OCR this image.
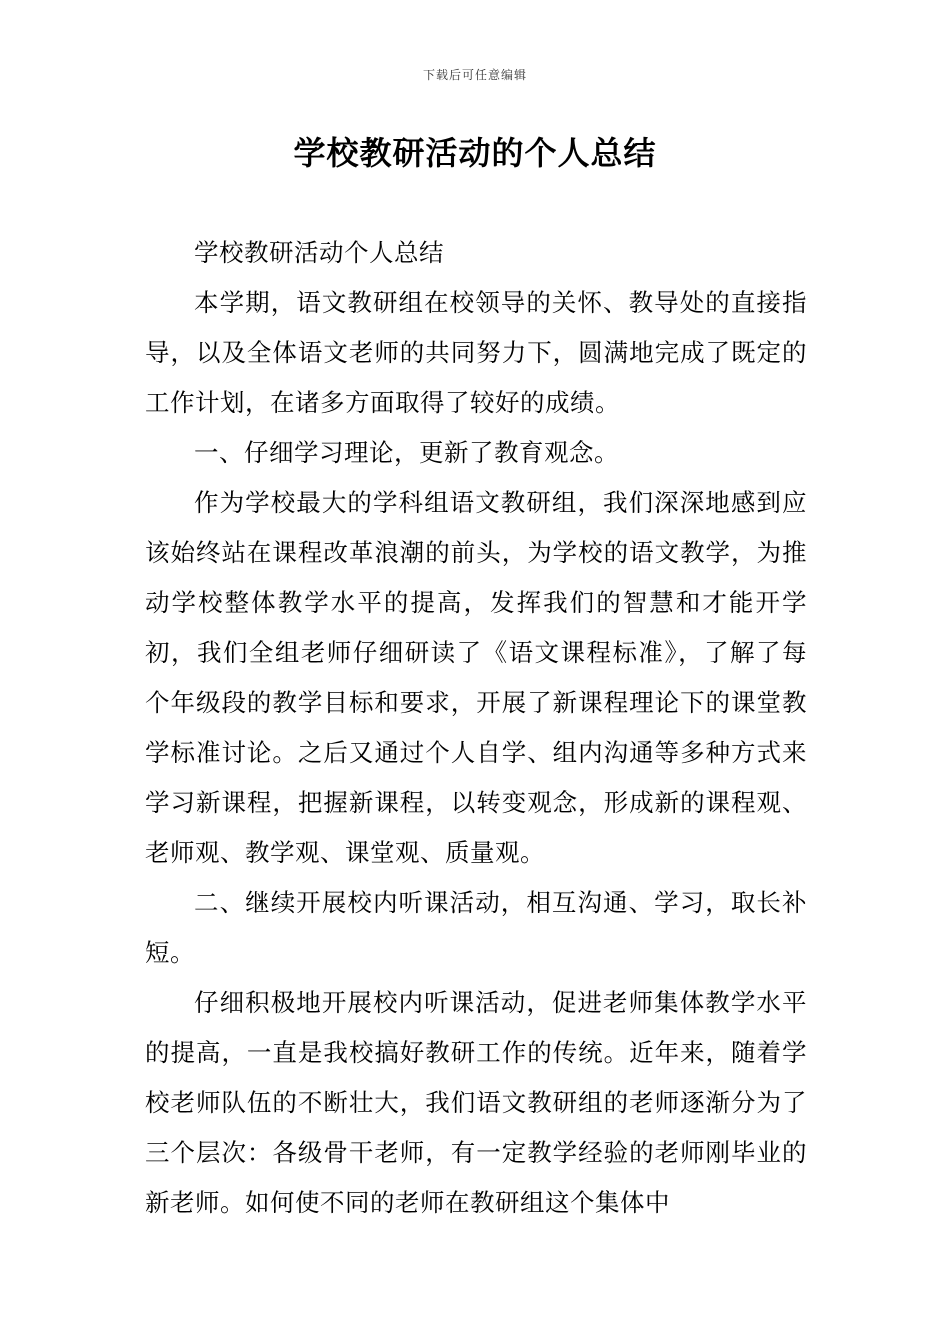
下载后可任意编辑
学校教研活动的个人总结

学校教研活动个人总结

本学期，语文教研组在校领导的关怀、教导处的直接指导，以及全体语文老师的共同努力下，圆满地完成了既定的工作计划，在诸多方面取得了较好的成绩。

一、仔细学习理论，更新了教育观念。

作为学校最大的学科组语文教研组，我们深深地感到应该始终站在课程改革浪潮的前头，为学校的语文教学，为推动学校整体教学水平的提高，发挥我们的智慧和才能开学初，我们全组老师仔细研读了《语文课程标准》，了解了每个年级段的教学目标和要求，开展了新课程理论下的课堂教学标准讨论。之后又通过个人自学、组内沟通等多种方式来学习新课程，把握新课程，以转变观念，形成新的课程观、老师观、教学观、课堂观、质量观。

二、继续开展校内听课活动，相互沟通、学习，取长补短。

仔细积极地开展校内听课活动，促进老师集体教学水平的提高，一直是我校搞好教研工作的传统。近年来，随着学校老师队伍的不断壮大，我们语文教研组的老师逐渐分为了三个层次：各级骨干老师，有一定教学经验的老师刚毕业的新老师。如何使不同的老师在教研组这个集体中
